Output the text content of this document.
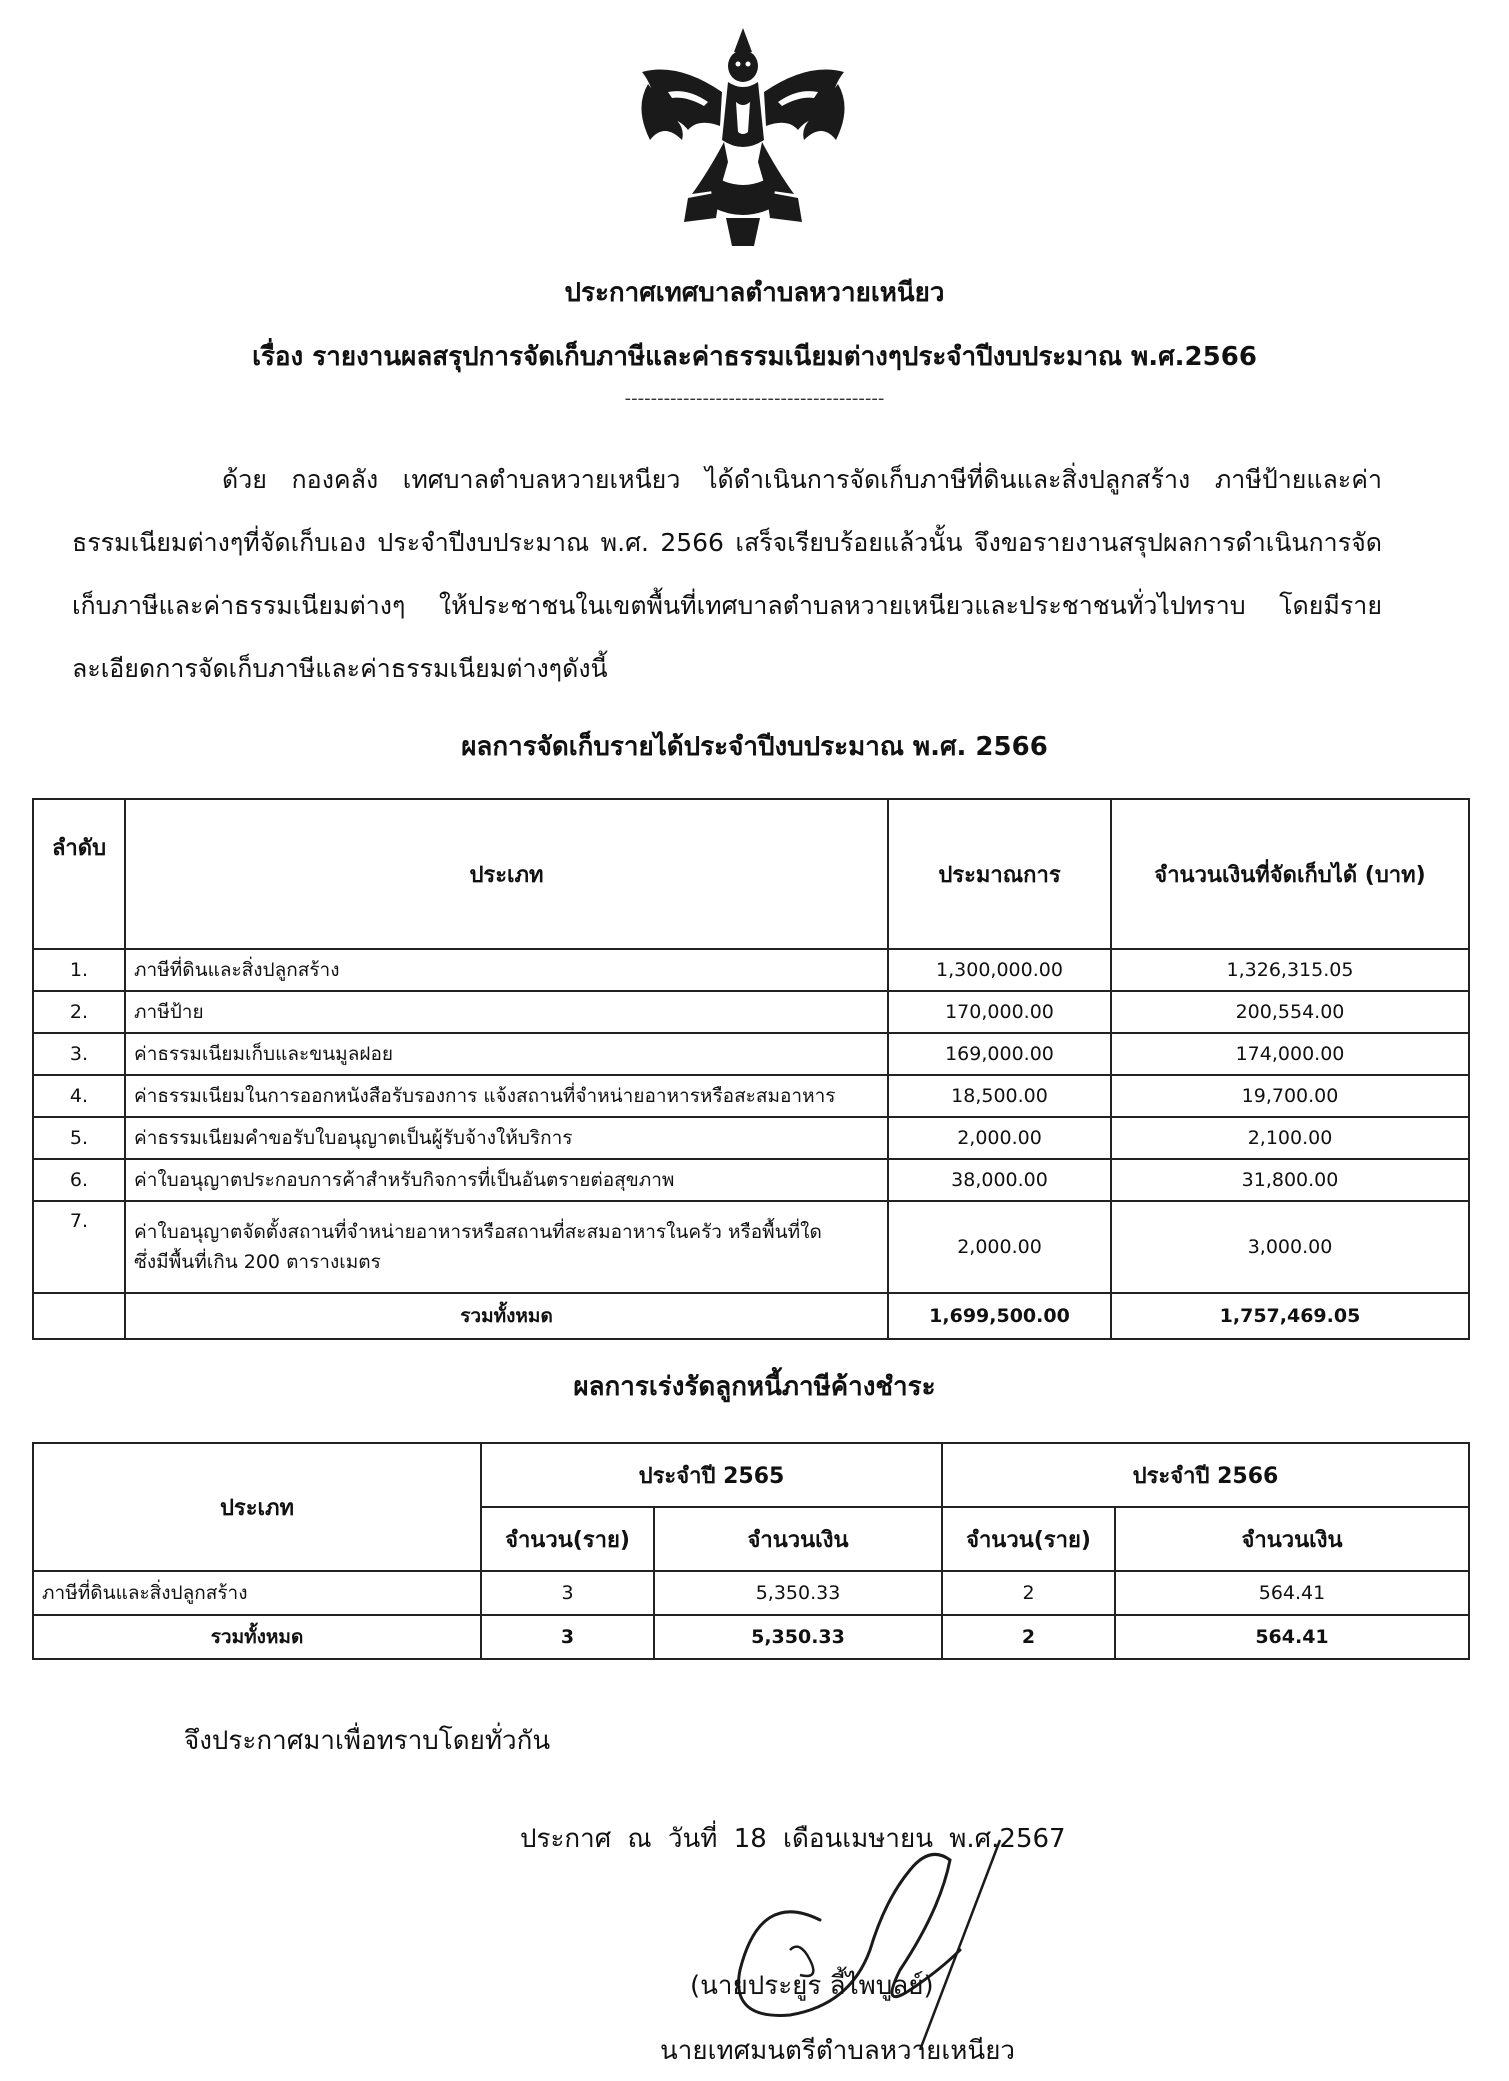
ประกาศเทศบาลตำบลหวายเหนียว
เรื่อง รายงานผลสรุปการจัดเก็บภาษีและค่าธรรมเนียมต่างๆประจำปีงบประมาณ พ.ศ.2566
----------------------------------------
ด้วย กองคลัง เทศบาลตำบลหวายเหนียว ได้ดำเนินการจัดเก็บภาษีที่ดินและสิ่งปลูกสร้าง ภาษีป้ายและค่าธรรมเนียมต่างๆที่จัดเก็บเอง ประจำปีงบประมาณ พ.ศ. 2566 เสร็จเรียบร้อยแล้วนั้น จึงขอรายงานสรุปผลการดำเนินการจัดเก็บภาษีและค่าธรรมเนียมต่างๆ ให้ประชาชนในเขตพื้นที่เทศบาลตำบลหวายเหนียวและประชาชนทั่วไปทราบ โดยมีรายละเอียดการจัดเก็บภาษีและค่าธรรมเนียมต่างๆดังนี้
ผลการจัดเก็บรายได้ประจำปีงบประมาณ พ.ศ. 2566
ลำดับ	ประเภท	ประมาณการ	จำนวนเงินที่จัดเก็บได้ (บาท)
1.	ภาษีที่ดินและสิ่งปลูกสร้าง	1,300,000.00	1,326,315.05
2.	ภาษีป้าย	170,000.00	200,554.00
3.	ค่าธรรมเนียมเก็บและขนมูลฝอย	169,000.00	174,000.00
4.	ค่าธรรมเนียมในการออกหนังสือรับรองการ แจ้งสถานที่จำหน่ายอาหารหรือสะสมอาหาร	18,500.00	19,700.00
5.	ค่าธรรมเนียมคำขอรับใบอนุญาตเป็นผู้รับจ้างให้บริการ	2,000.00	2,100.00
6.	ค่าใบอนุญาตประกอบการค้าสำหรับกิจการที่เป็นอันตรายต่อสุขภาพ	38,000.00	31,800.00
7.	ค่าใบอนุญาตจัดตั้งสถานที่จำหน่ายอาหารหรือสถานที่สะสมอาหารในครัว หรือพื้นที่ใด
ซึ่งมีพื้นที่เกิน 200 ตารางเมตร	2,000.00	3,000.00
	รวมทั้งหมด	1,699,500.00	1,757,469.05
ผลการเร่งรัดลูกหนี้ภาษีค้างชำระ
ประเภท	ประจำปี 2565		ประจำปี 2566	
	จำนวน(ราย)	จำนวนเงิน	จำนวน(ราย)	จำนวนเงิน
ภาษีที่ดินและสิ่งปลูกสร้าง	3	5,350.33	2	564.41
รวมทั้งหมด	3	5,350.33	2	564.41
จึงประกาศมาเพื่อทราบโดยทั่วกัน
ประกาศ ณ วันที่ 18 เดือนเมษายน พ.ศ.2567
(นายประยูร ลี้ไพบูลย์)
นายเทศมนตรีตำบลหวายเหนียว
